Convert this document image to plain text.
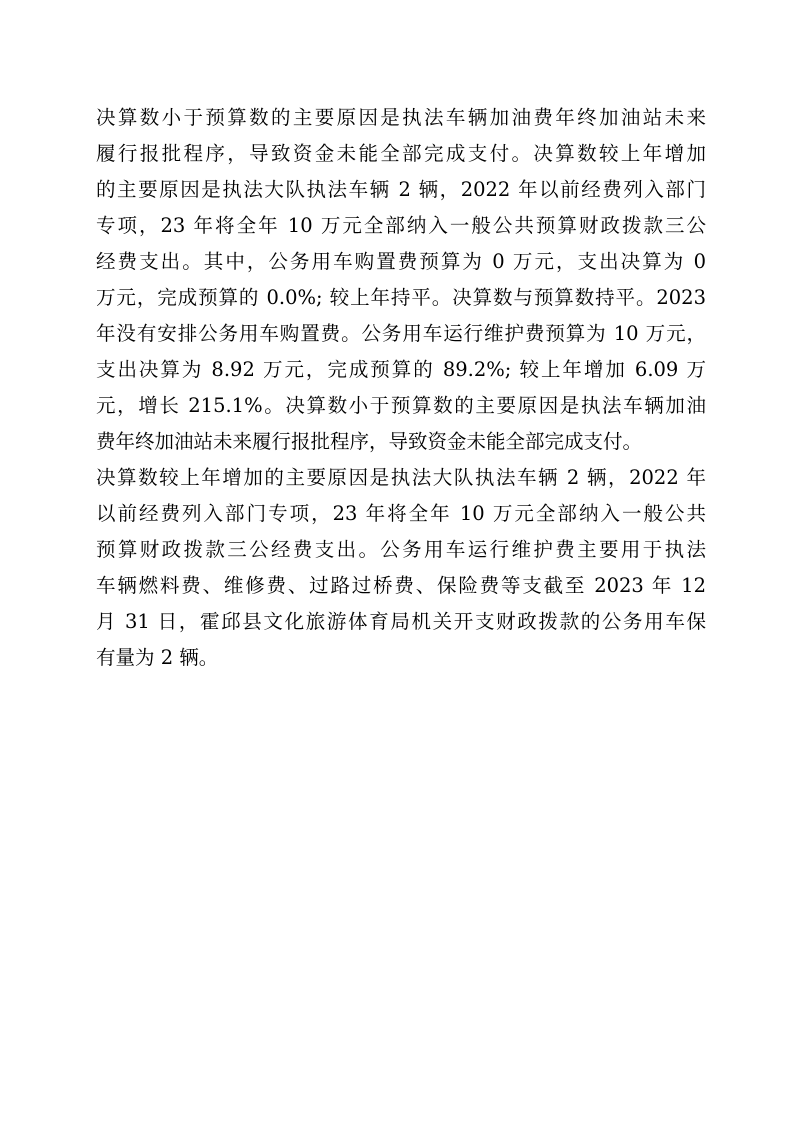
决算数小于预算数的主要原因是执法车辆加油费年终加油站未来
履行报批程序，导致资金未能全部完成支付。决算数较上年增加
的主要原因是执法大队执法车辆 2 辆，2022 年以前经费列入部门
专项，23 年将全年 10 万元全部纳入一般公共预算财政拨款三公
经费支出。其中，公务用车购置费预算为 0 万元，支出决算为 0
万元，完成预算的 0.0%; 较上年持平。决算数与预算数持平。2023
年没有安排公务用车购置费。公务用车运行维护费预算为 10 万元，
支出决算为 8.92 万元，完成预算的 89.2%; 较上年增加 6.09 万
元，增长 215.1%。决算数小于预算数的主要原因是执法车辆加油
费年终加油站未来履行报批程序，导致资金未能全部完成支付。
决算数较上年增加的主要原因是执法大队执法车辆 2 辆，2022 年
以前经费列入部门专项，23 年将全年 10 万元全部纳入一般公共
预算财政拨款三公经费支出。公务用车运行维护费主要用于执法
车辆燃料费、维修费、过路过桥费、保险费等支截至 2023 年 12
月 31 日，霍邱县文化旅游体育局机关开支财政拨款的公务用车保
有量为 2 辆。
